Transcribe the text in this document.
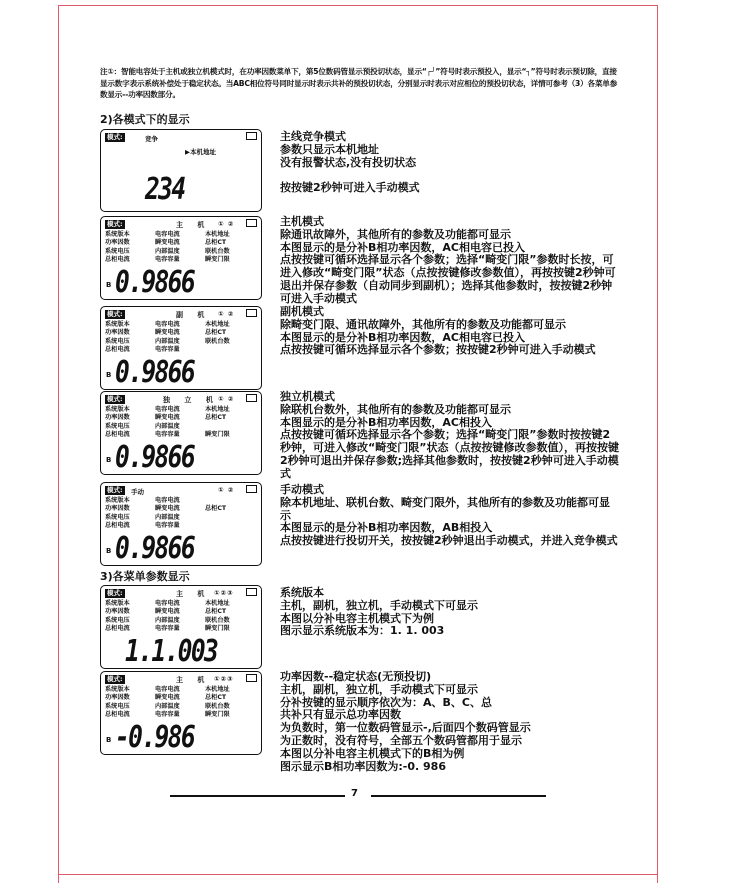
注①：智能电容处于主机或独立机模式时，在功率因数菜单下，第5位数码管显示预投切状态，显示“┌┘”符号时表示预投入，显示“┐”符号时表示预切除，直接显示数字表示系统补偿处于稳定状态。当ABC相位符号同时显示时表示共补的预投切状态，分别显示时表示对应相位的预投切状态，详情可参考（3）各菜单参数显示--功率因数部分。
2)各模式下的显示
模式:	竞争
▶本机地址
234
主线竞争模式
参数只显示本机地址
没有报警状态,没有投切状态
按按键2秒钟可进入手动模式
模式:	主 机 ① ②
系统版本	电容电流	本机地址
功率因数	瞬变电流	总柜CT
系统电压	内部温度	联机台数
总柜电流	电容容量	瞬变门限
B 0.9866
主机模式
除通讯故障外，其他所有的参数及功能都可显示
本图显示的是分补B相功率因数，AC相电容已投入
点按按键可循环选择显示各个参数；选择“畸变门限”参数时长按，可进入修改“畸变门限”状态（点按按键修改参数值），再按按键2秒钟可退出并保存参数（自动同步到副机）；选择其他参数时，按按键2秒钟可进入手动模式
模式:	副 机 ① ②
系统版本	电容电流	本机地址
功率因数	瞬变电流	总柜CT
系统电压	内部温度	联机台数
总柜电流	电容容量
B 0.9866
副机模式
除畸变门限、通讯故障外，其他所有的参数及功能都可显示
本图显示的是分补B相功率因数，AC相电容已投入
点按按键可循环选择显示各个参数；按按键2秒钟可进入手动模式
模式:	独 立 机 ① ②
系统版本	电容电流	本机地址
功率因数	瞬变电流	总柜CT
系统电压	内部温度
总柜电流	电容容量	瞬变门限
B 0.9866
独立机模式
除联机台数外，其他所有的参数及功能都可显示
本图显示的是分补B相功率因数，AC相投入
点按按键可循环选择显示各个参数；选择“畸变门限”参数时按按键2秒钟，可进入修改“畸变门限”状态（点按按键修改参数值），再按按键2秒钟可退出并保存参数;选择其他参数时，按按键2秒钟可进入手动模式
模式:	手动	① ②
系统版本	电容电流
功率因数	瞬变电流	总柜CT
系统电压	内部温度
总柜电流	电容容量
B 0.9866
手动模式
除本机地址、联机台数、畸变门限外，其他所有的参数及功能都可显示
本图显示的是分补B相功率因数，AB相投入
点按按键进行投切开关，按按键2秒钟退出手动模式，并进入竞争模式
3)各菜单参数显示
模式:	主 机 ①②③
系统版本	电容电流	本机地址
功率因数	瞬变电流	总柜CT
系统电压	内部温度	联机台数
总柜电流	电容容量	瞬变门限
1.1.003
系统版本
主机，副机，独立机，手动模式下可显示
本图以分补电容主机模式下为例
图示显示系统版本为：1. 1. 003
模式:	主 机 ①②③
系统版本	电容电流	本机地址
功率因数	瞬变电流	总柜CT
系统电压	内部温度	联机台数
总柜电流	电容容量	瞬变门限
B -0.986
功率因数--稳定状态(无预投切)
主机，副机，独立机，手动模式下可显示
分补按键的显示顺序依次为：A、B、C、总
共补只有显示总功率因数
为负数时，第一位数码管显示-,后面四个数码管显示
为正数时，没有符号，全部五个数码管都用于显示
本图以分补电容主机模式下的B相为例
图示显示B相功率因数为:-0. 986
7
